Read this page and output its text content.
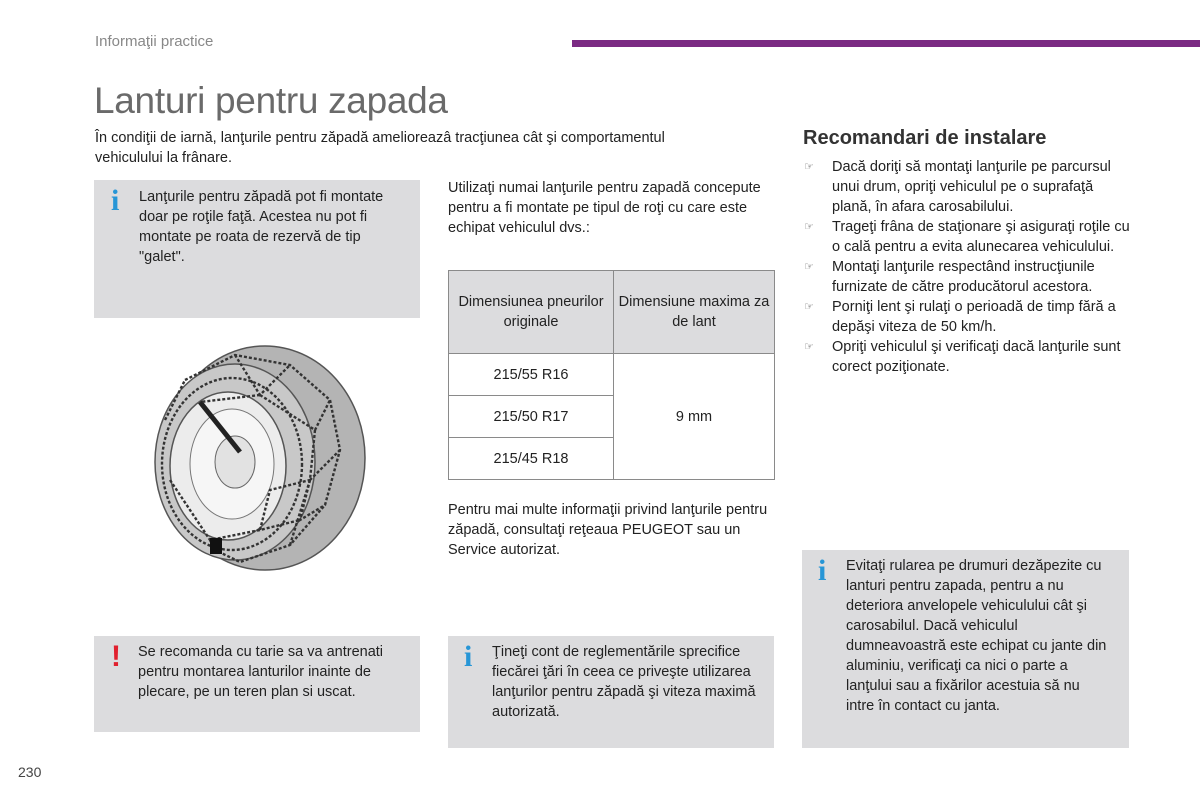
Informaţii practice
Lanturi pentru zapada
În condiţii de iarnă, lanţurile pentru zăpadă amelioreazâ tracţiunea cât şi comportamentul vehiculului la frânare.
i Lanţurile pentru zăpadă pot fi montate doar pe roţile faţă. Acestea nu pot fi montate pe roata de rezervă de tip "galet".
Utilizaţi numai lanţurile pentru zapadă concepute pentru a fi montate pe tipul de roţi cu care este echipat vehiculul dvs.:
Dimensiunea pneurilor originale	Dimensiune maxima za de lant
215/55 R16	9 mm
215/50 R17	
215/45 R18	
Pentru mai multe informaţii privind lanţurile pentru zăpadă, consultaţi reţeaua PEUGEOT sau un Service autorizat.
Recomandari de instalare
☞ Dacă doriţi să montaţi lanţurile pe parcursul unui drum, opriţi vehiculul pe o suprafaţă plană, în afara carosabilului.
☞ Trageţi frâna de staţionare şi asiguraţi roţile cu o cală pentru a evita alunecarea vehiculului.
☞ Montaţi lanţurile respectând instrucţiunile furnizate de către producătorul acestora.
☞ Porniţi lent şi rulaţi o perioadă de timp fără a depăşi viteza de 50 km/h.
☞ Opriţi vehiculul şi verificaţi dacă lanţurile sunt corect poziţionate.
i Evitaţi rularea pe drumuri dezăpezite cu lanturi pentru zapada, pentru a nu deteriora anvelopele vehiculului cât şi carosabilul. Dacă vehiculul dumneavoastră este echipat cu jante din aluminiu, verificaţi ca nici o parte a lanţului sau a fixărilor acestuia să nu intre în contact cu janta.
! Se recomanda cu tarie sa va antrenati pentru montarea lanturilor inainte de plecare, pe un teren plan si uscat.
i Ţineţi cont de reglementările sprecifice fiecărei ţări în ceea ce priveşte utilizarea lanţurilor pentru zăpadă şi viteza maximă autorizată.
230
